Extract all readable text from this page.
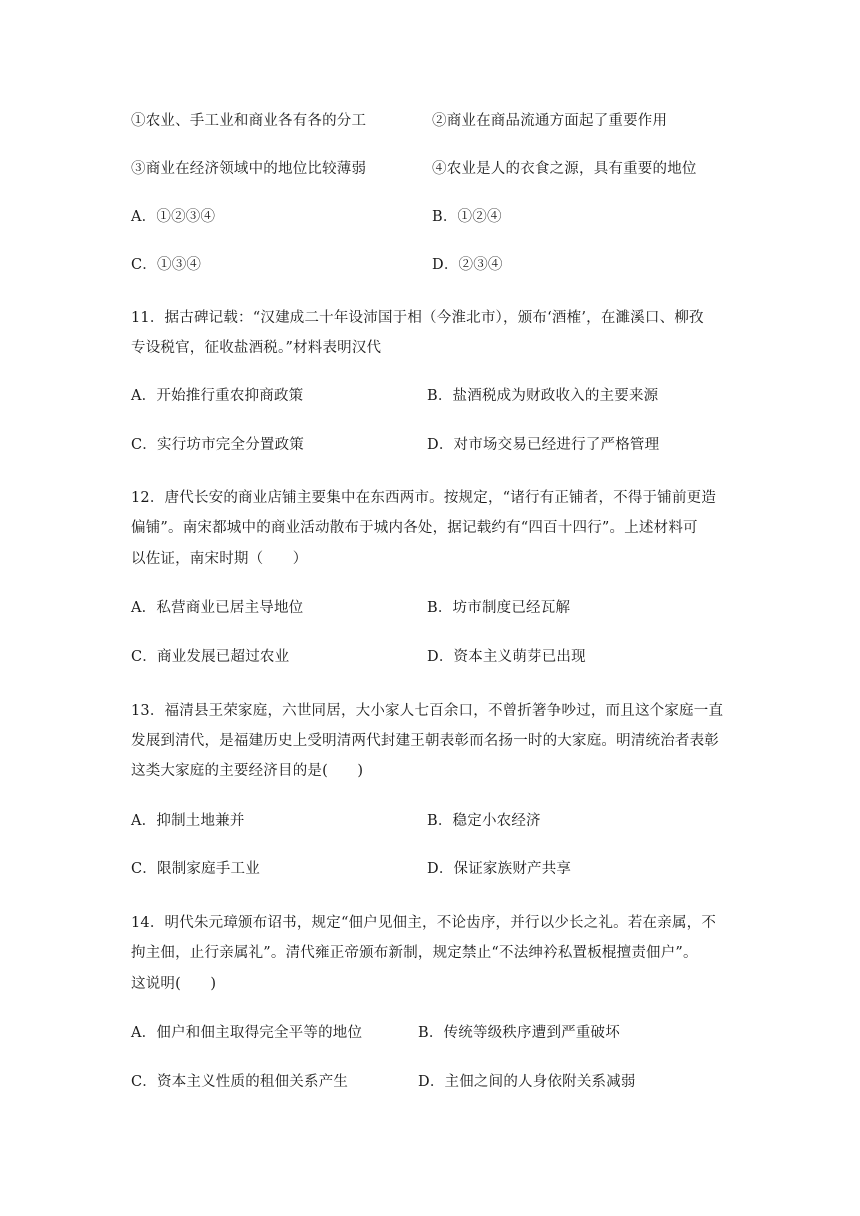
①农业、手工业和商业各有各的分工	②商业在商品流通方面起了重要作用
③商业在经济领域中的地位比较薄弱	④农业是人的衣食之源，具有重要的地位
A．①②③④	B．①②④
C．①③④	D．②③④
11．据古碑记载：“汉建成二十年设沛国于相（今淮北市），颁布‘酒榷’，在濉溪口、柳孜
专设税官，征收盐酒税。”材料表明汉代
A．开始推行重农抑商政策	B．盐酒税成为财政收入的主要来源
C．实行坊市完全分置政策	D．对市场交易已经进行了严格管理
12．唐代长安的商业店铺主要集中在东西两市。按规定，“诸行有正铺者，不得于铺前更造
偏铺”。南宋都城中的商业活动散布于城内各处，据记载约有“四百十四行”。上述材料可
以佐证，南宋时期（　　）
A．私营商业已居主导地位	B．坊市制度已经瓦解
C．商业发展已超过农业	D．资本主义萌芽已出现
13．福清县王荣家庭，六世同居，大小家人七百余口，不曾折箸争吵过，而且这个家庭一直
发展到清代，是福建历史上受明清两代封建王朝表彰而名扬一时的大家庭。明清统治者表彰
这类大家庭的主要经济目的是(　　)
A．抑制土地兼并	B．稳定小农经济
C．限制家庭手工业	D．保证家族财产共享
14．明代朱元璋颁布诏书，规定“佃户见佃主，不论齿序，并行以少长之礼。若在亲属，不
拘主佃，止行亲属礼”。清代雍正帝颁布新制，规定禁止“不法绅衿私置板棍擅责佃户”。
这说明(　　)
A．佃户和佃主取得完全平等的地位	B．传统等级秩序遭到严重破坏
C．资本主义性质的租佃关系产生	D．主佃之间的人身依附关系减弱
